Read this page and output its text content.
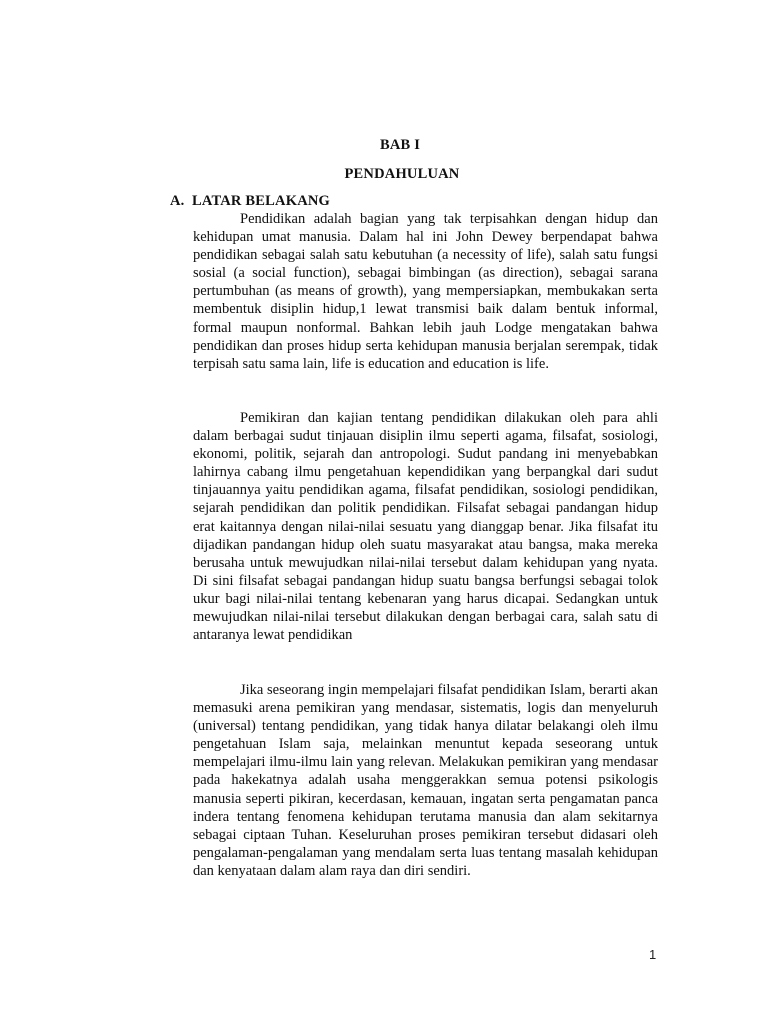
BAB I
PENDAHULUAN
A. LATAR BELAKANG

Pendidikan adalah bagian yang tak terpisahkan dengan hidup dan kehidupan umat manusia. Dalam hal ini John Dewey berpendapat bahwa pendidikan sebagai salah satu kebutuhan (a necessity of life), salah satu fungsi sosial (a social function), sebagai bimbingan (as direction), sebagai sarana pertumbuhan (as means of growth), yang mempersiapkan, membukakan serta membentuk disiplin hidup,1 lewat transmisi baik dalam bentuk informal, formal maupun nonformal. Bahkan lebih jauh Lodge mengatakan bahwa pendidikan dan proses hidup serta kehidupan manusia berjalan serempak, tidak terpisah satu sama lain, life is education and education is life.

Pemikiran dan kajian tentang pendidikan dilakukan oleh para ahli dalam berbagai sudut tinjauan disiplin ilmu seperti agama, filsafat, sosiologi, ekonomi, politik, sejarah dan antropologi. Sudut pandang ini menyebabkan lahirnya cabang ilmu pengetahuan kependidikan yang berpangkal dari sudut tinjauannya yaitu pendidikan agama, filsafat pendidikan, sosiologi pendidikan, sejarah pendidikan dan politik pendidikan. Filsafat sebagai pandangan hidup erat kaitannya dengan nilai-nilai sesuatu yang dianggap benar. Jika filsafat itu dijadikan pandangan hidup oleh suatu masyarakat atau bangsa, maka mereka berusaha untuk mewujudkan nilai-nilai tersebut dalam kehidupan yang nyata. Di sini filsafat sebagai pandangan hidup suatu bangsa berfungsi sebagai tolok ukur bagi nilai-nilai tentang kebenaran yang harus dicapai. Sedangkan untuk mewujudkan nilai-nilai tersebut dilakukan dengan berbagai cara, salah satu di antaranya lewat pendidikan

Jika seseorang ingin mempelajari filsafat pendidikan Islam, berarti akan memasuki arena pemikiran yang mendasar, sistematis, logis dan menyeluruh (universal) tentang pendidikan, yang tidak hanya dilatar belakangi oleh ilmu pengetahuan Islam saja, melainkan menuntut kepada seseorang untuk mempelajari ilmu-ilmu lain yang relevan. Melakukan pemikiran yang mendasar pada hakekatnya adalah usaha menggerakkan semua potensi psikologis manusia seperti pikiran, kecerdasan, kemauan, ingatan serta pengamatan panca indera tentang fenomena kehidupan terutama manusia dan alam sekitarnya sebagai ciptaan Tuhan. Keseluruhan proses pemikiran tersebut didasari oleh pengalaman-pengalaman yang mendalam serta luas tentang masalah kehidupan dan kenyataan dalam alam raya dan diri sendiri.

1
